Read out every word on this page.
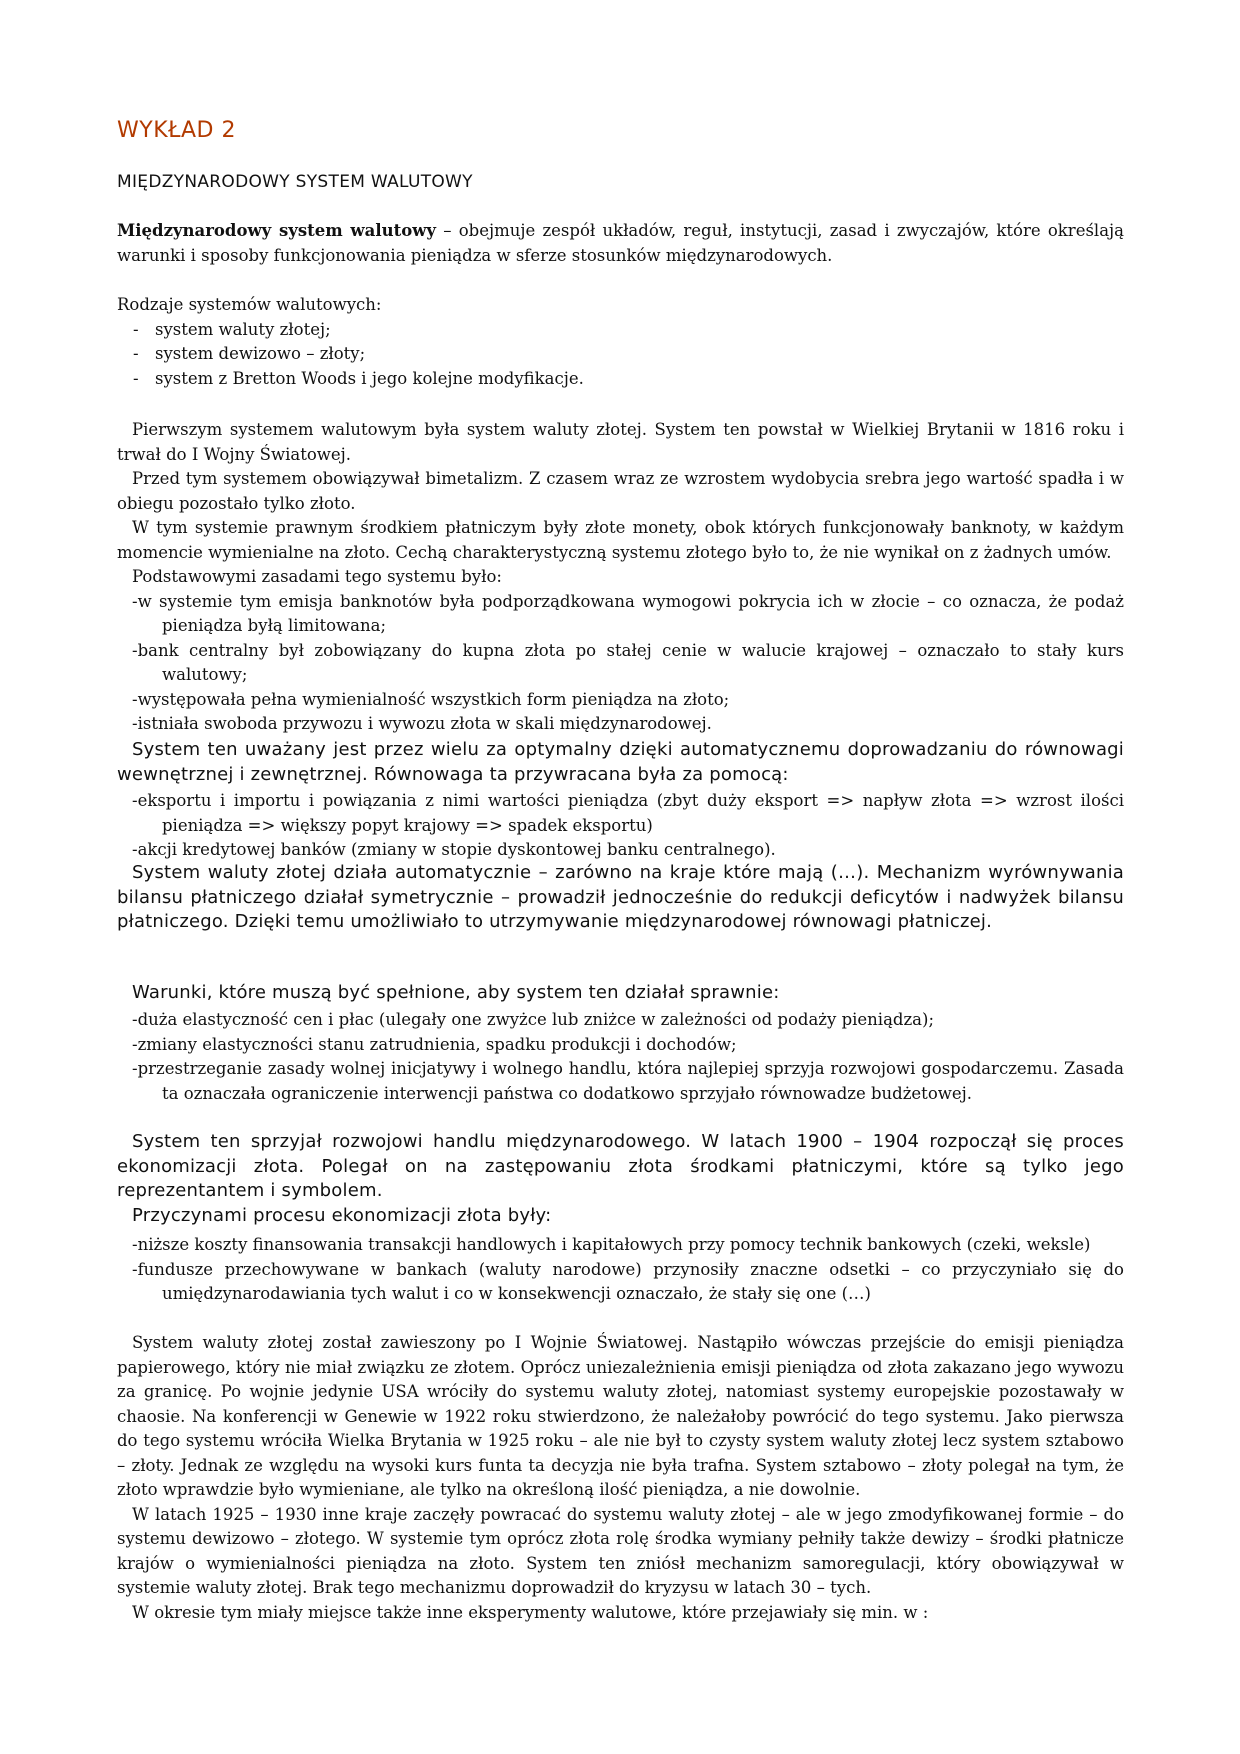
WYKŁAD 2
MIĘDZYNARODOWY SYSTEM WALUTOWY

Międzynarodowy system walutowy – obejmuje zespół układów, reguł, instytucji, zasad i zwyczajów, które określają warunki i sposoby funkcjonowania pieniądza w sferze stosunków międzynarodowych.

Rodzaje systemów walutowych:

- system waluty złotej;

- system dewizowo – złoty;

- system z Bretton Woods i jego kolejne modyfikacje.

Pierwszym systemem walutowym była system waluty złotej. System ten powstał w Wielkiej Brytanii w 1816 roku i trwał do I Wojny Światowej.

Przed tym systemem obowiązywał bimetalizm. Z czasem wraz ze wzrostem wydobycia srebra jego wartość spadła i w obiegu pozostało tylko złoto.

W tym systemie prawnym środkiem płatniczym były złote monety, obok których funkcjonowały banknoty, w każdym momencie wymienialne na złoto. Cechą charakterystyczną systemu złotego było to, że nie wynikał on z żadnych umów.

Podstawowymi zasadami tego systemu było:

-w systemie tym emisja banknotów była podporządkowana wymogowi pokrycia ich w złocie – co oznacza, że podaż pieniądza byłą limitowana;

-bank centralny był zobowiązany do kupna złota po stałej cenie w walucie krajowej – oznaczało to stały kurs walutowy;

-występowała pełna wymienialność wszystkich form pieniądza na złoto;

-istniała swoboda przywozu i wywozu złota w skali międzynarodowej.

System ten uważany jest przez wielu za optymalny dzięki automatycznemu doprowadzaniu do równowagi wewnętrznej i zewnętrznej. Równowaga ta przywracana była za pomocą:

-eksportu i importu i powiązania z nimi wartości pieniądza (zbyt duży eksport => napływ złota => wzrost ilości pieniądza => większy popyt krajowy => spadek eksportu)

-akcji kredytowej banków (zmiany w stopie dyskontowej banku centralnego).

System waluty złotej działa automatycznie – zarówno na kraje które mają (…). Mechanizm wyrównywania bilansu płatniczego działał symetrycznie – prowadził jednocześnie do redukcji deficytów i nadwyżek bilansu płatniczego. Dzięki temu umożliwiało to utrzymywanie międzynarodowej równowagi płatniczej.

Warunki, które muszą być spełnione, aby system ten działał sprawnie:

-duża elastyczność cen i płac (ulegały one zwyżce lub zniżce w zależności od podaży pieniądza);

-zmiany elastyczności stanu zatrudnienia, spadku produkcji i dochodów;

-przestrzeganie zasady wolnej inicjatywy i wolnego handlu, która najlepiej sprzyja rozwojowi gospodarczemu. Zasada ta oznaczała ograniczenie interwencji państwa co dodatkowo sprzyjało równowadze budżetowej.

System ten sprzyjał rozwojowi handlu międzynarodowego. W latach 1900 – 1904 rozpoczął się proces ekonomizacji złota. Polegał on na zastępowaniu złota środkami płatniczymi, które są tylko jego reprezentantem i symbolem.

Przyczynami procesu ekonomizacji złota były:

-niższe koszty finansowania transakcji handlowych i kapitałowych przy pomocy technik bankowych (czeki, weksle)

-fundusze przechowywane w bankach (waluty narodowe) przynosiły znaczne odsetki – co przyczyniało się do umiędzynarodawiania tych walut i co w konsekwencji oznaczało, że stały się one (…)

System waluty złotej został zawieszony po I Wojnie Światowej. Nastąpiło wówczas przejście do emisji pieniądza papierowego, który nie miał związku ze złotem. Oprócz uniezależnienia emisji pieniądza od złota zakazano jego wywozu za granicę. Po wojnie jedynie USA wróciły do systemu waluty złotej, natomiast systemy europejskie pozostawały w chaosie. Na konferencji w Genewie w 1922 roku stwierdzono, że należałoby powrócić do tego systemu. Jako pierwsza do tego systemu wróciła Wielka Brytania w 1925 roku – ale nie był to czysty system waluty złotej lecz system sztabowo – złoty. Jednak ze względu na wysoki kurs funta ta decyzja nie była trafna. System sztabowo – złoty polegał na tym, że złoto wprawdzie było wymieniane, ale tylko na określoną ilość pieniądza, a nie dowolnie.

W latach 1925 – 1930 inne kraje zaczęły powracać do systemu waluty złotej – ale w jego zmodyfikowanej formie – do systemu dewizowo – złotego. W systemie tym oprócz złota rolę środka wymiany pełniły także dewizy – środki płatnicze krajów o wymienialności pieniądza na złoto. System ten zniósł mechanizm samoregulacji, który obowiązywał w systemie waluty złotej. Brak tego mechanizmu doprowadził do kryzysu w latach 30 – tych.

W okresie tym miały miejsce także inne eksperymenty walutowe, które przejawiały się min. w :
